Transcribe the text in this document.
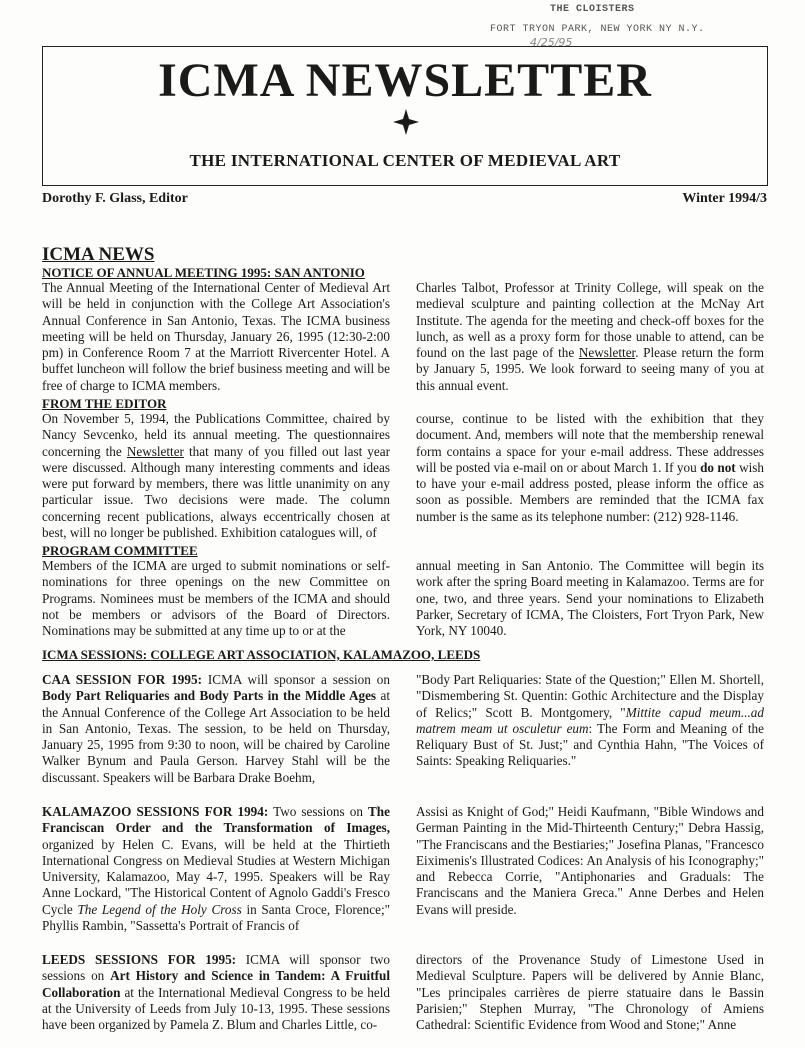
THE CLOISTERS
FORT TRYON PARK, NEW YORK NY N.Y.
4/25/95
ICMA NEWSLETTER
THE INTERNATIONAL CENTER OF MEDIEVAL ART
Dorothy F. Glass, Editor	Winter 1994/3
ICMA NEWS
NOTICE OF ANNUAL MEETING 1995: SAN ANTONIO

The Annual Meeting of the International Center of Medieval Art will be held in conjunction with the College Art Association's Annual Conference in San Antonio, Texas. The ICMA business meeting will be held on Thursday, January 26, 1995 (12:30-2:00 pm) in Conference Room 7 at the Marriott Rivercenter Hotel. A buffet luncheon will follow the brief business meeting and will be free of charge to ICMA members.

Charles Talbot, Professor at Trinity College, will speak on the medieval sculpture and painting collection at the McNay Art Institute. The agenda for the meeting and check-off boxes for the lunch, as well as a proxy form for those unable to attend, can be found on the last page of the Newsletter. Please return the form by January 5, 1995. We look forward to seeing many of you at this annual event.

FROM THE EDITOR

On November 5, 1994, the Publications Committee, chaired by Nancy Sevcenko, held its annual meeting. The questionnaires concerning the Newsletter that many of you filled out last year were discussed. Although many interesting comments and ideas were put forward by members, there was little unanimity on any particular issue. Two decisions were made. The column concerning recent publications, always eccentrically chosen at best, will no longer be published. Exhibition catalogues will, of

course, continue to be listed with the exhibition that they document. And, members will note that the membership renewal form contains a space for your e-mail address. These addresses will be posted via e-mail on or about March 1. If you do not wish to have your e-mail address posted, please inform the office as soon as possible. Members are reminded that the ICMA fax number is the same as its telephone number: (212) 928-1146.

PROGRAM COMMITTEE

Members of the ICMA are urged to submit nominations or self-nominations for three openings on the new Committee on Programs. Nominees must be members of the ICMA and should not be members or advisors of the Board of Directors. Nominations may be submitted at any time up to or at the

annual meeting in San Antonio. The Committee will begin its work after the spring Board meeting in Kalamazoo. Terms are for one, two, and three years. Send your nominations to Elizabeth Parker, Secretary of ICMA, The Cloisters, Fort Tryon Park, New York, NY 10040.

ICMA SESSIONS: COLLEGE ART ASSOCIATION, KALAMAZOO, LEEDS

CAA SESSION FOR 1995: ICMA will sponsor a session on Body Part Reliquaries and Body Parts in the Middle Ages at the Annual Conference of the College Art Association to be held in San Antonio, Texas. The session, to be held on Thursday, January 25, 1995 from 9:30 to noon, will be chaired by Caroline Walker Bynum and Paula Gerson. Harvey Stahl will be the discussant. Speakers will be Barbara Drake Boehm,

"Body Part Reliquaries: State of the Question;" Ellen M. Shortell, "Dismembering St. Quentin: Gothic Architecture and the Display of Relics;" Scott B. Montgomery, "Mittite capud meum...ad matrem meam ut osculetur eum: The Form and Meaning of the Reliquary Bust of St. Just;" and Cynthia Hahn, "The Voices of Saints: Speaking Reliquaries."

KALAMAZOO SESSIONS FOR 1994: Two sessions on The Franciscan Order and the Transformation of Images, organized by Helen C. Evans, will be held at the Thirtieth International Congress on Medieval Studies at Western Michigan University, Kalamazoo, May 4-7, 1995. Speakers will be Ray Anne Lockard, "The Historical Content of Agnolo Gaddi's Fresco Cycle The Legend of the Holy Cross in Santa Croce, Florence;" Phyllis Rambin, "Sassetta's Portrait of Francis of

Assisi as Knight of God;" Heidi Kaufmann, "Bible Windows and German Painting in the Mid-Thirteenth Century;" Debra Hassig, "The Franciscans and the Bestiaries;" Josefina Planas, "Francesco Eiximenis's Illustrated Codices: An Analysis of his Iconography;" and Rebecca Corrie, "Antiphonaries and Graduals: The Franciscans and the Maniera Greca." Anne Derbes and Helen Evans will preside.

LEEDS SESSIONS FOR 1995: ICMA will sponsor two sessions on Art History and Science in Tandem: A Fruitful Collaboration at the International Medieval Congress to be held at the University of Leeds from July 10-13, 1995. These sessions have been organized by Pamela Z. Blum and Charles Little, co-

directors of the Provenance Study of Limestone Used in Medieval Sculpture. Papers will be delivered by Annie Blanc, "Les principales carrières de pierre statuaire dans le Bassin Parisien;" Stephen Murray, "The Chronology of Amiens Cathedral: Scientific Evidence from Wood and Stone;" Anne
